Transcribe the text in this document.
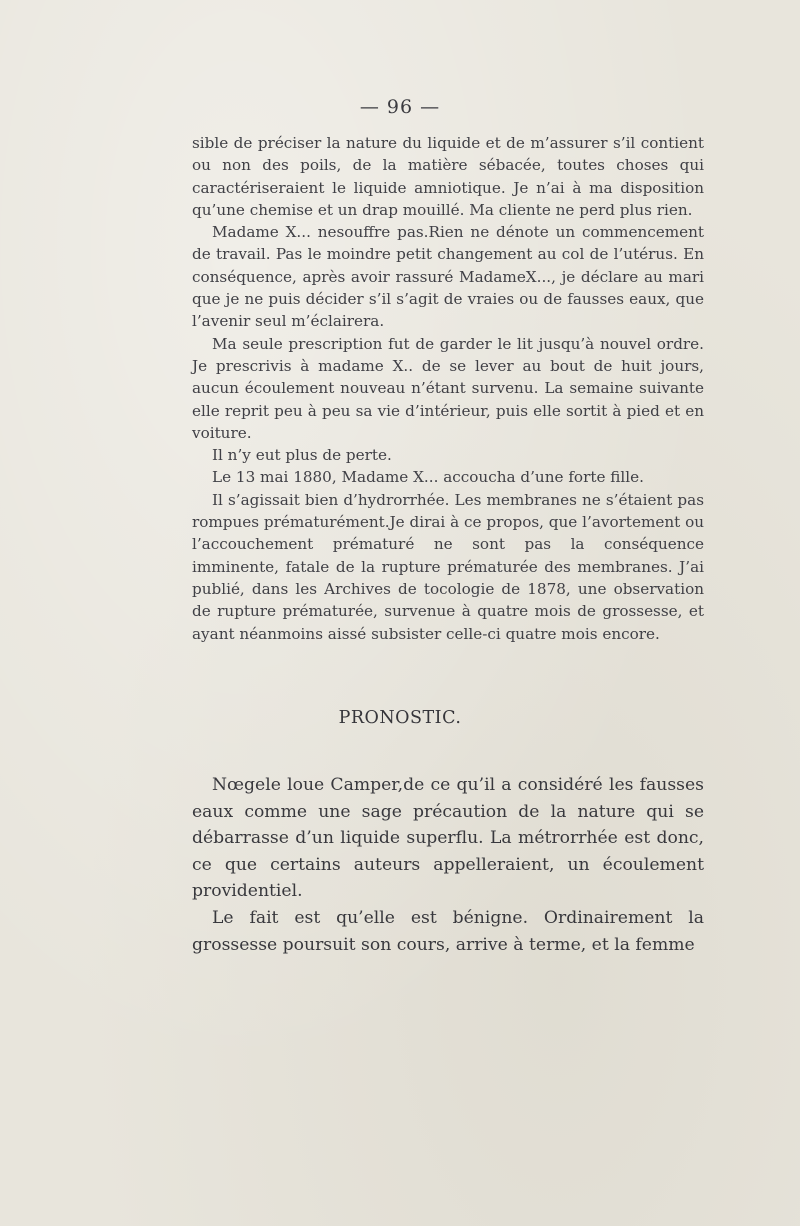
— 96 —

sible de préciser la nature du liquide et de m’assurer s’il contient ou non des poils, de la matière sébacée, toutes choses qui caractériseraient le liquide amniotique. Je n’ai à ma disposition qu’une chemise et un drap mouillé. Ma cliente ne perd plus rien.

Madame X... nesouffre pas.Rien ne dénote un commencement de travail. Pas le moindre petit changement au col de l’utérus. En conséquence, après avoir rassuré MadameX..., je déclare au mari que je ne puis décider s’il s’agit de vraies ou de fausses eaux, que l’avenir seul m’éclairera.

Ma seule prescription fut de garder le lit jusqu’à nouvel ordre. Je prescrivis à madame X.. de se lever au bout de huit jours, aucun écoulement nouveau n’étant survenu. La semaine suivante elle reprit peu à peu sa vie d’intérieur, puis elle sortit à pied et en voiture.

Il n’y eut plus de perte.

Le 13 mai 1880, Madame X... accoucha d’une forte fille.

Il s’agissait bien d’hydrorrhée. Les membranes ne s’étaient pas rompues prématurément.Je dirai à ce propos, que l’avortement ou l’accouchement prématuré ne sont pas la conséquence imminente, fatale de la rupture prématurée des membranes. J’ai publié, dans les Archives de tocologie de 1878, une observation de rupture prématurée, survenue à quatre mois de grossesse, et ayant néanmoins aissé subsister celle-ci quatre mois encore.

PRONOSTIC.

Nœgele loue Camper,de ce qu’il a considéré les fausses eaux comme une sage précaution de la nature qui se débarrasse d’un liquide superflu. La métrorrhée est donc, ce que certains auteurs appelleraient, un écoulement providentiel.

Le fait est qu’elle est bénigne. Ordinairement la grossesse poursuit son cours, arrive à terme, et la femme
